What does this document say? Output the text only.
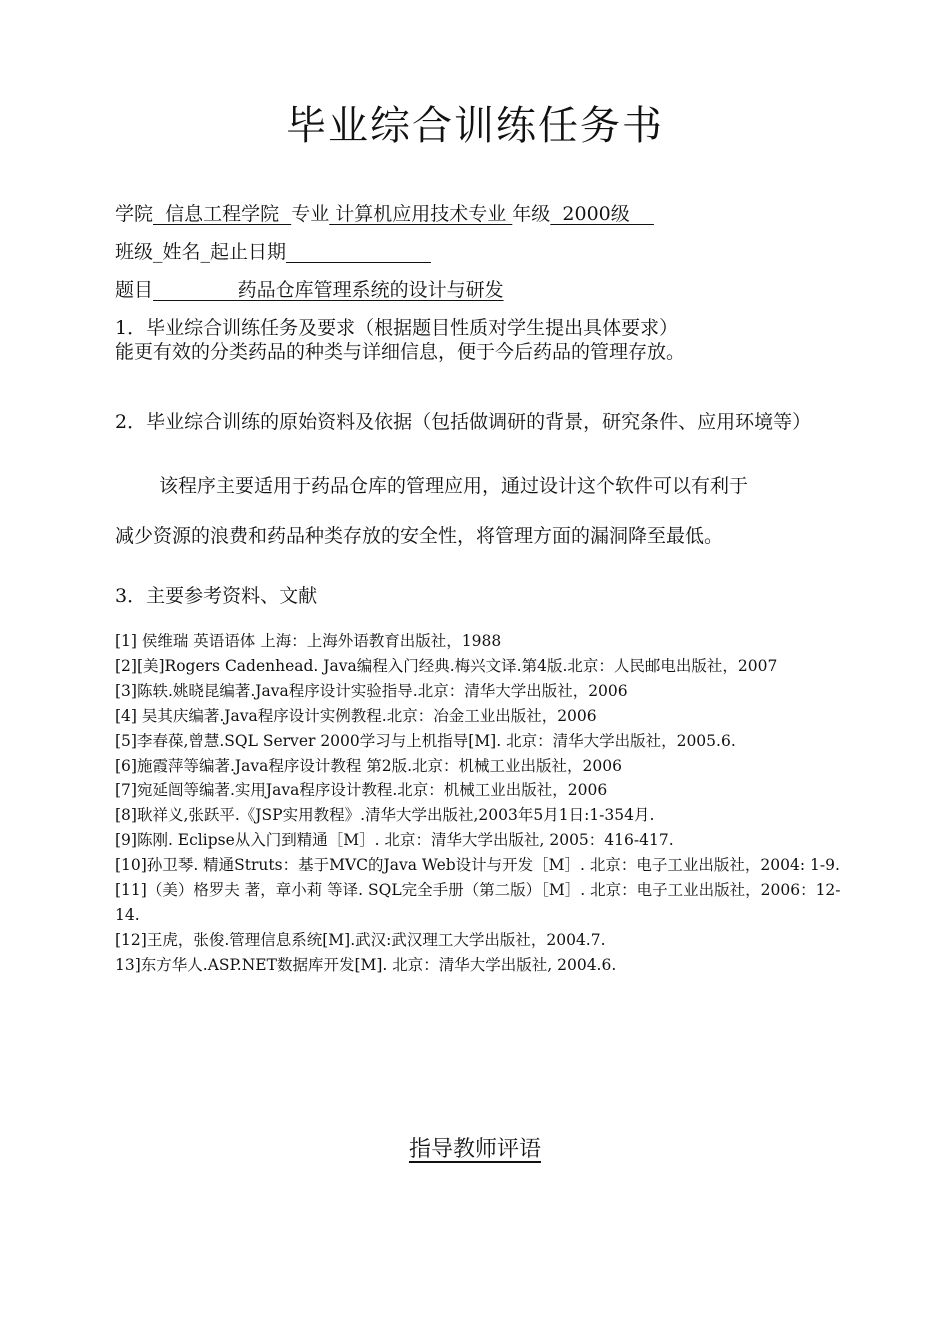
毕业综合训练任务书
学院  信息工程学院  专业 计算机应用技术专业 年级  2000级
班级_姓名_起止日期
题目              药品仓库管理系统的设计与研发
1．毕业综合训练任务及要求（根据题目性质对学生提出具体要求）
能更有效的分类药品的种类与详细信息，便于今后药品的管理存放。
2．毕业综合训练的原始资料及依据（包括做调研的背景，研究条件、应用环境等）
该程序主要适用于药品仓库的管理应用，通过设计这个软件可以有利于
减少资源的浪费和药品种类存放的安全性，将管理方面的漏洞降至最低。
3．主要参考资料、文献
[1] 侯维瑞 英语语体 上海：上海外语教育出版社，1988
[2][美]Rogers Cadenhead. Java编程入门经典.梅兴文译.第4版.北京：人民邮电出版社，2007
[3]陈轶.姚晓昆编著.Java程序设计实验指导.北京：清华大学出版社，2006
[4] 吴其庆编著.Java程序设计实例教程.北京：冶金工业出版社，2006
[5]李春葆,曾慧.SQL Server 2000学习与上机指导[M]. 北京：清华大学出版社，2005.6.
[6]施霞萍等编著.Java程序设计教程 第2版.北京：机械工业出版社，2006
[7]宛延闿等编著.实用Java程序设计教程.北京：机械工业出版社，2006
[8]耿祥义,张跃平.《JSP实用教程》.清华大学出版社,2003年5月1日:1-354月.
[9]陈刚. Eclipse从入门到精通［M］. 北京：清华大学出版社, 2005：416-417.
[10]孙卫琴. 精通Struts：基于MVC的Java Web设计与开发［M］. 北京：电子工业出版社，2004: 1-9.
[11]（美）格罗夫 著，章小莉 等译. SQL完全手册（第二版）［M］. 北京：电子工业出版社，2006：12-14.
[12]王虎，张俊.管理信息系统[M].武汉:武汉理工大学出版社，2004.7.
13]东方华人.ASP.NET数据库开发[M]. 北京：清华大学出版社, 2004.6.
指导教师评语
